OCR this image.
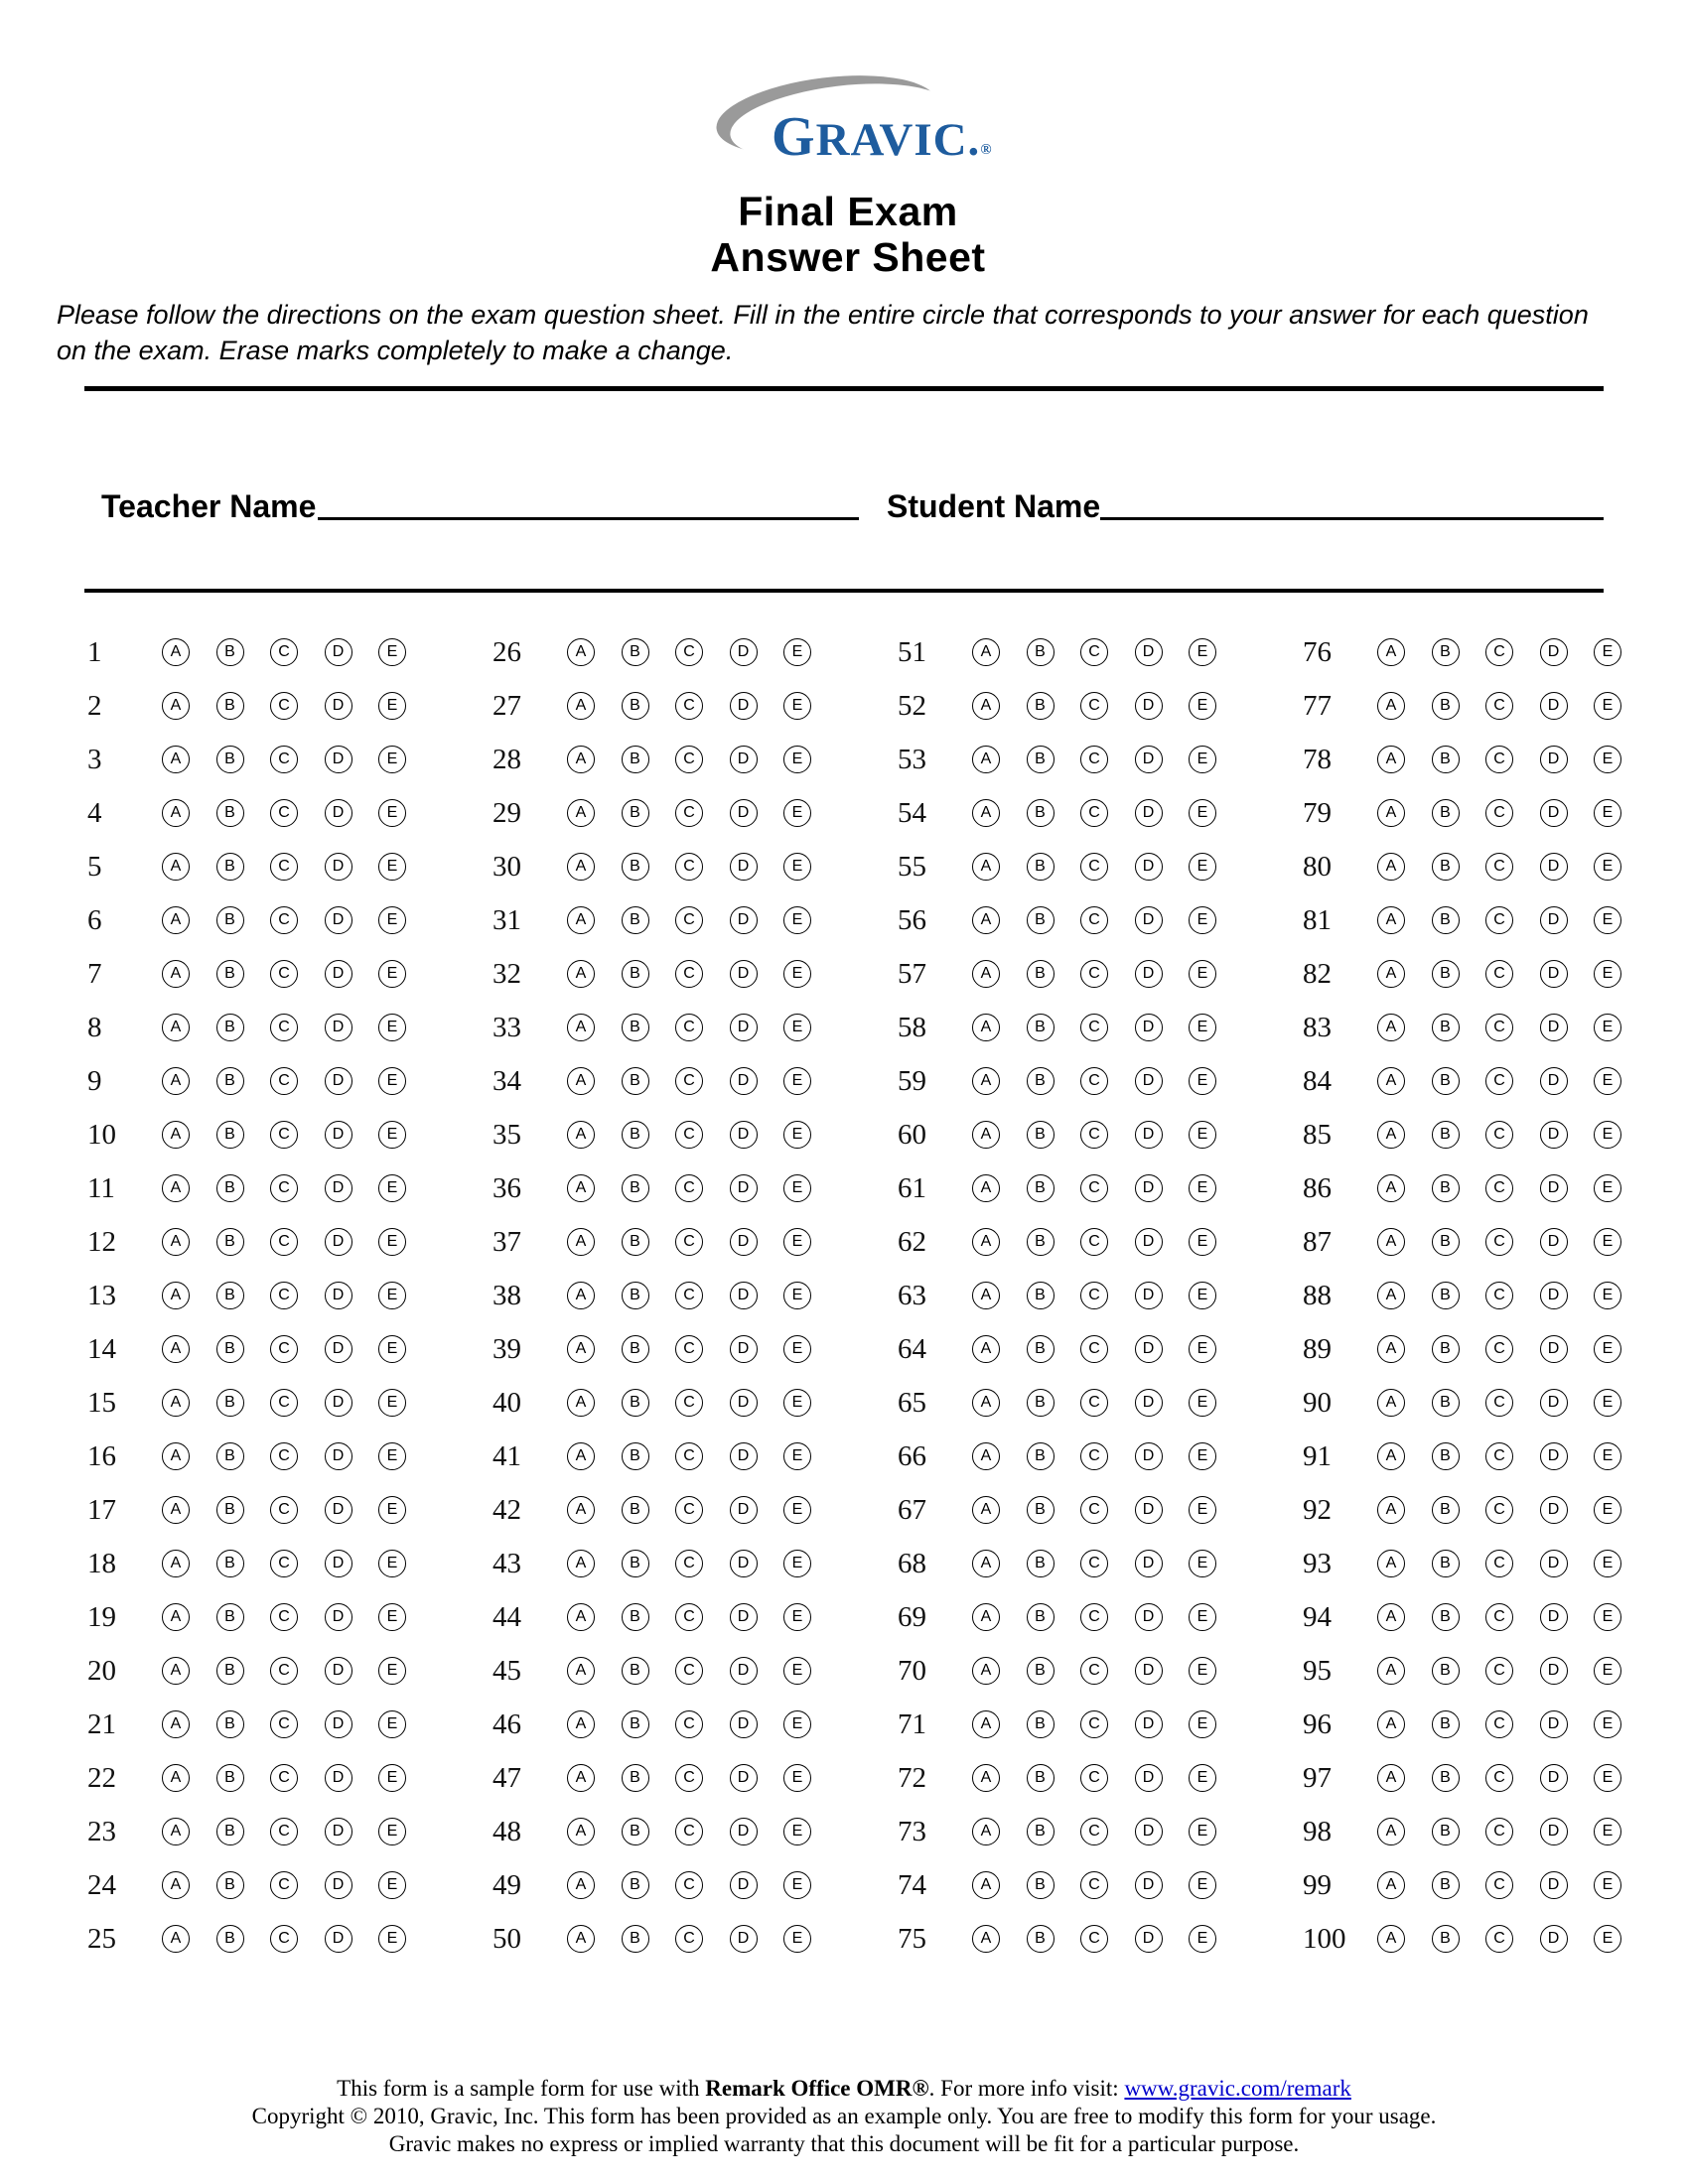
GRAVIC.®
Final Exam
Answer Sheet
Please follow the directions on the exam question sheet. Fill in the entire circle that corresponds to your answer for each question
on the exam. Erase marks completely to make a change.
Teacher Name	Student Name
1	A	B	C	D	E
2	A	B	C	D	E
3	A	B	C	D	E
4	A	B	C	D	E
5	A	B	C	D	E
6	A	B	C	D	E
7	A	B	C	D	E
8	A	B	C	D	E
9	A	B	C	D	E
10	A	B	C	D	E
11	A	B	C	D	E
12	A	B	C	D	E
13	A	B	C	D	E
14	A	B	C	D	E
15	A	B	C	D	E
16	A	B	C	D	E
17	A	B	C	D	E
18	A	B	C	D	E
19	A	B	C	D	E
20	A	B	C	D	E
21	A	B	C	D	E
22	A	B	C	D	E
23	A	B	C	D	E
24	A	B	C	D	E
25	A	B	C	D	E
26	A	B	C	D	E
27	A	B	C	D	E
28	A	B	C	D	E
29	A	B	C	D	E
30	A	B	C	D	E
31	A	B	C	D	E
32	A	B	C	D	E
33	A	B	C	D	E
34	A	B	C	D	E
35	A	B	C	D	E
36	A	B	C	D	E
37	A	B	C	D	E
38	A	B	C	D	E
39	A	B	C	D	E
40	A	B	C	D	E
41	A	B	C	D	E
42	A	B	C	D	E
43	A	B	C	D	E
44	A	B	C	D	E
45	A	B	C	D	E
46	A	B	C	D	E
47	A	B	C	D	E
48	A	B	C	D	E
49	A	B	C	D	E
50	A	B	C	D	E
51	A	B	C	D	E
52	A	B	C	D	E
53	A	B	C	D	E
54	A	B	C	D	E
55	A	B	C	D	E
56	A	B	C	D	E
57	A	B	C	D	E
58	A	B	C	D	E
59	A	B	C	D	E
60	A	B	C	D	E
61	A	B	C	D	E
62	A	B	C	D	E
63	A	B	C	D	E
64	A	B	C	D	E
65	A	B	C	D	E
66	A	B	C	D	E
67	A	B	C	D	E
68	A	B	C	D	E
69	A	B	C	D	E
70	A	B	C	D	E
71	A	B	C	D	E
72	A	B	C	D	E
73	A	B	C	D	E
74	A	B	C	D	E
75	A	B	C	D	E
76	A	B	C	D	E
77	A	B	C	D	E
78	A	B	C	D	E
79	A	B	C	D	E
80	A	B	C	D	E
81	A	B	C	D	E
82	A	B	C	D	E
83	A	B	C	D	E
84	A	B	C	D	E
85	A	B	C	D	E
86	A	B	C	D	E
87	A	B	C	D	E
88	A	B	C	D	E
89	A	B	C	D	E
90	A	B	C	D	E
91	A	B	C	D	E
92	A	B	C	D	E
93	A	B	C	D	E
94	A	B	C	D	E
95	A	B	C	D	E
96	A	B	C	D	E
97	A	B	C	D	E
98	A	B	C	D	E
99	A	B	C	D	E
100	A	B	C	D	E
This form is a sample form for use with Remark Office OMR®. For more info visit: www.gravic.com/remark
Copyright © 2010, Gravic, Inc. This form has been provided as an example only. You are free to modify this form for your usage.
Gravic makes no express or implied warranty that this document will be fit for a particular purpose.
